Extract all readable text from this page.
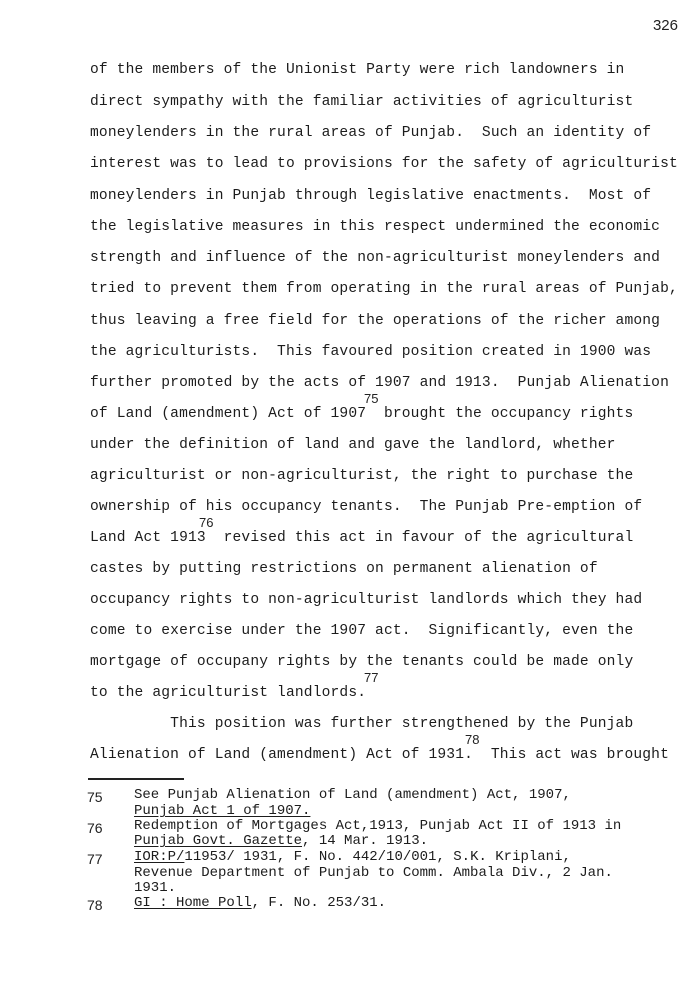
326
of the members of the Unionist Party were rich landowners in
direct sympathy with the familiar activities of agriculturist
moneylenders in the rural areas of Punjab.  Such an identity of
interest was to lead to provisions for the safety of agriculturist
moneylenders in Punjab through legislative enactments.  Most of
the legislative measures in this respect undermined the economic
strength and influence of the non-agriculturist moneylenders and
tried to prevent them from operating in the rural areas of Punjab,
thus leaving a free field for the operations of the richer among
the agriculturists.  This favoured position created in 1900 was
further promoted by the acts of 1907 and 1913.  Punjab Alienation
of Land (amendment) Act of 1907  brought the occupancy rights
under the definition of land and gave the landlord, whether
agriculturist or non-agriculturist, the right to purchase the
ownership of his occupancy tenants.  The Punjab Pre-emption of
Land Act 1913  revised this act in favour of the agricultural
castes by putting restrictions on permanent alienation of
occupancy rights to non-agriculturist landlords which they had
come to exercise under the 1907 act.  Significantly, even the
mortgage of occupany rights by the tenants could be made only
to the agriculturist landlords.
This position was further strengthened by the Punjab
Alienation of Land (amendment) Act of 1931.  This act was brought
75
76
77
78
75 See Punjab Alienation of Land (amendment) Act, 1907,
Punjab Act 1 of 1907.
76 Redemption of Mortgages Act,1913, Punjab Act II of 1913 in
Punjab Govt. Gazette, 14 Mar. 1913.
77 IOR:P/11953/ 1931, F. No. 442/10/001, S.K. Kriplani,
Revenue Department of Punjab to Comm. Ambala Div., 2 Jan.
1931.
78 GI : Home Poll, F. No. 253/31.
